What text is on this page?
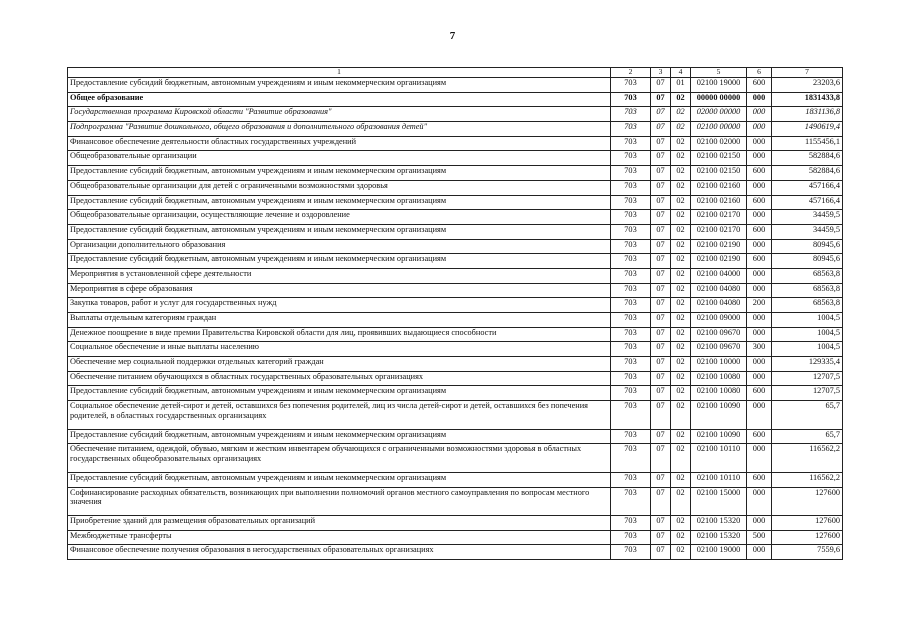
7
1	2	3	4	5	6	7
Предоставление субсидий бюджетным, автономным учреждениям и иным некоммерческим организациям	703	07	01	02100 19000	600	23203,6
Общее образование	703	07	02	00000 00000	000	1831433,8
Государственная программа Кировской области "Развитие образования"	703	07	02	02000 00000	000	1831136,8
Подпрограмма "Развитие дошкольного, общего образования и дополнительного образования детей"	703	07	02	02100 00000	000	1490619,4
Финансовое обеспечение деятельности областных государственных учреждений	703	07	02	02100 02000	000	1155456,1
Общеобразовательные организации	703	07	02	02100 02150	000	582884,6
Предоставление субсидий бюджетным, автономным учреждениям и иным некоммерческим организациям	703	07	02	02100 02150	600	582884,6
Общеобразовательные организации для детей с ограниченными возможностями здоровья	703	07	02	02100 02160	000	457166,4
Предоставление субсидий бюджетным, автономным учреждениям и иным некоммерческим организациям	703	07	02	02100 02160	600	457166,4
Общеобразовательные организации, осуществляющие лечение и оздоровление	703	07	02	02100 02170	000	34459,5
Предоставление субсидий бюджетным, автономным учреждениям и иным некоммерческим организациям	703	07	02	02100 02170	600	34459,5
Организации дополнительного образования	703	07	02	02100 02190	000	80945,6
Предоставление субсидий бюджетным, автономным учреждениям и иным некоммерческим организациям	703	07	02	02100 02190	600	80945,6
Мероприятия в установленной сфере деятельности	703	07	02	02100 04000	000	68563,8
Мероприятия в сфере образования	703	07	02	02100 04080	000	68563,8
Закупка товаров, работ и услуг для государственных нужд	703	07	02	02100 04080	200	68563,8
Выплаты отдельным категориям граждан	703	07	02	02100 09000	000	1004,5
Денежное поощрение в виде премии Правительства Кировской области для лиц, проявивших выдающиеся способности	703	07	02	02100 09670	000	1004,5
Социальное обеспечение и иные выплаты населению	703	07	02	02100 09670	300	1004,5
Обеспечение мер социальной поддержки отдельных категорий граждан	703	07	02	02100 10000	000	129335,4
Обеспечение питанием обучающихся в областных государственных образовательных организациях	703	07	02	02100 10080	000	12707,5
Предоставление субсидий бюджетным, автономным учреждениям и иным некоммерческим организациям	703	07	02	02100 10080	600	12707,5
Социальное обеспечение детей-сирот и детей, оставшихся без попечения родителей, лиц из числа детей-сирот и детей, оставшихся без попечения родителей, в областных государственных организациях	703	07	02	02100 10090	000	65,7
Предоставление субсидий бюджетным, автономным учреждениям и иным некоммерческим организациям	703	07	02	02100 10090	600	65,7
Обеспечение питанием, одеждой, обувью, мягким и жестким инвентарем обучающихся с ограниченными возможностями здоровья в областных государственных общеобразовательных организациях	703	07	02	02100 10110	000	116562,2
Предоставление субсидий бюджетным, автономным учреждениям и иным некоммерческим организациям	703	07	02	02100 10110	600	116562,2
Софинансирование расходных обязательств, возникающих при выполнении полномочий органов местного самоуправления по вопросам местного значения	703	07	02	02100 15000	000	127600
Приобретение зданий для размещения образовательных организаций	703	07	02	02100 15320	000	127600
Межбюджетные трансферты	703	07	02	02100 15320	500	127600
Финансовое обеспечение получения образования в негосударственных образовательных организациях	703	07	02	02100 19000	000	7559,6
